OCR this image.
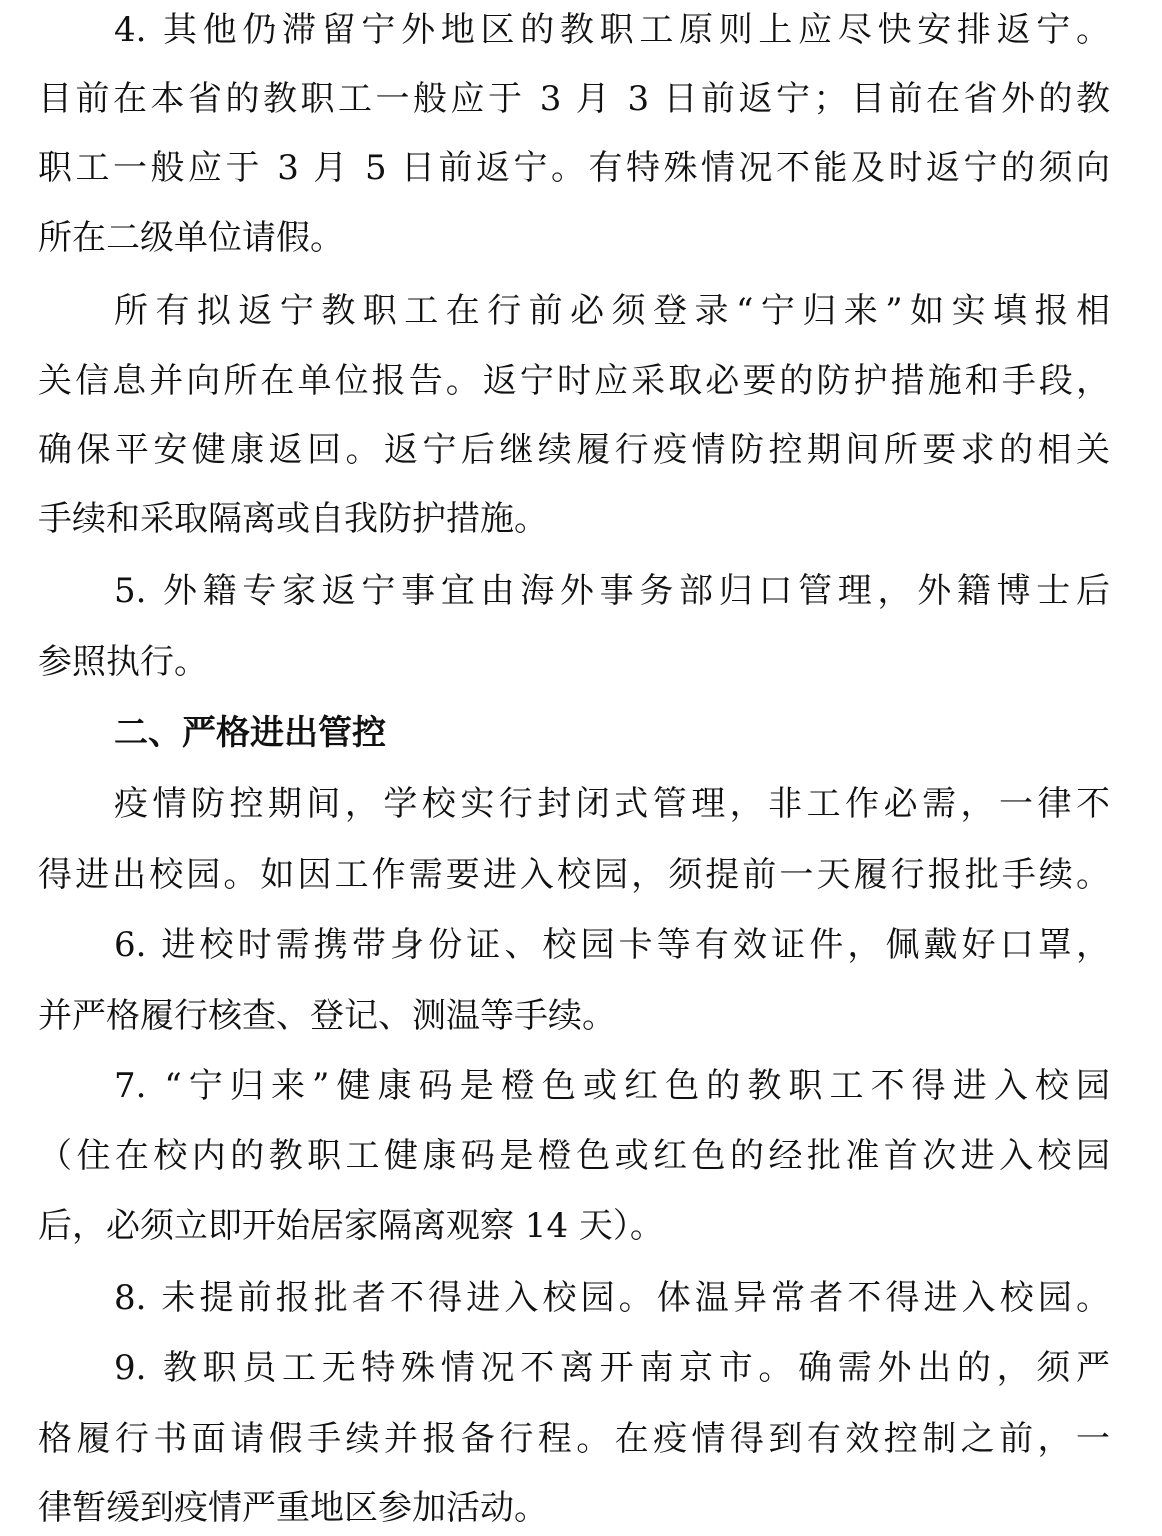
4. 其他仍滞留宁外地区的教职工原则上应尽快安排返宁。
目前在本省的教职工一般应于 3 月 3 日前返宁；目前在省外的教
职工一般应于 3 月 5 日前返宁。有特殊情况不能及时返宁的须向
所在二级单位请假。
所有拟返宁教职工在行前必须登录“宁归来”如实填报相
关信息并向所在单位报告。返宁时应采取必要的防护措施和手段，
确保平安健康返回。返宁后继续履行疫情防控期间所要求的相关
手续和采取隔离或自我防护措施。
5. 外籍专家返宁事宜由海外事务部归口管理，外籍博士后
参照执行。
二、严格进出管控
疫情防控期间，学校实行封闭式管理，非工作必需，一律不
得进出校园。如因工作需要进入校园，须提前一天履行报批手续。
6. 进校时需携带身份证、校园卡等有效证件，佩戴好口罩，
并严格履行核查、登记、测温等手续。
7. “宁归来”健康码是橙色或红色的教职工不得进入校园
（住在校内的教职工健康码是橙色或红色的经批准首次进入校园
后，必须立即开始居家隔离观察 14 天）。
8. 未提前报批者不得进入校园。体温异常者不得进入校园。
9. 教职员工无特殊情况不离开南京市。确需外出的，须严
格履行书面请假手续并报备行程。在疫情得到有效控制之前，一
律暂缓到疫情严重地区参加活动。
